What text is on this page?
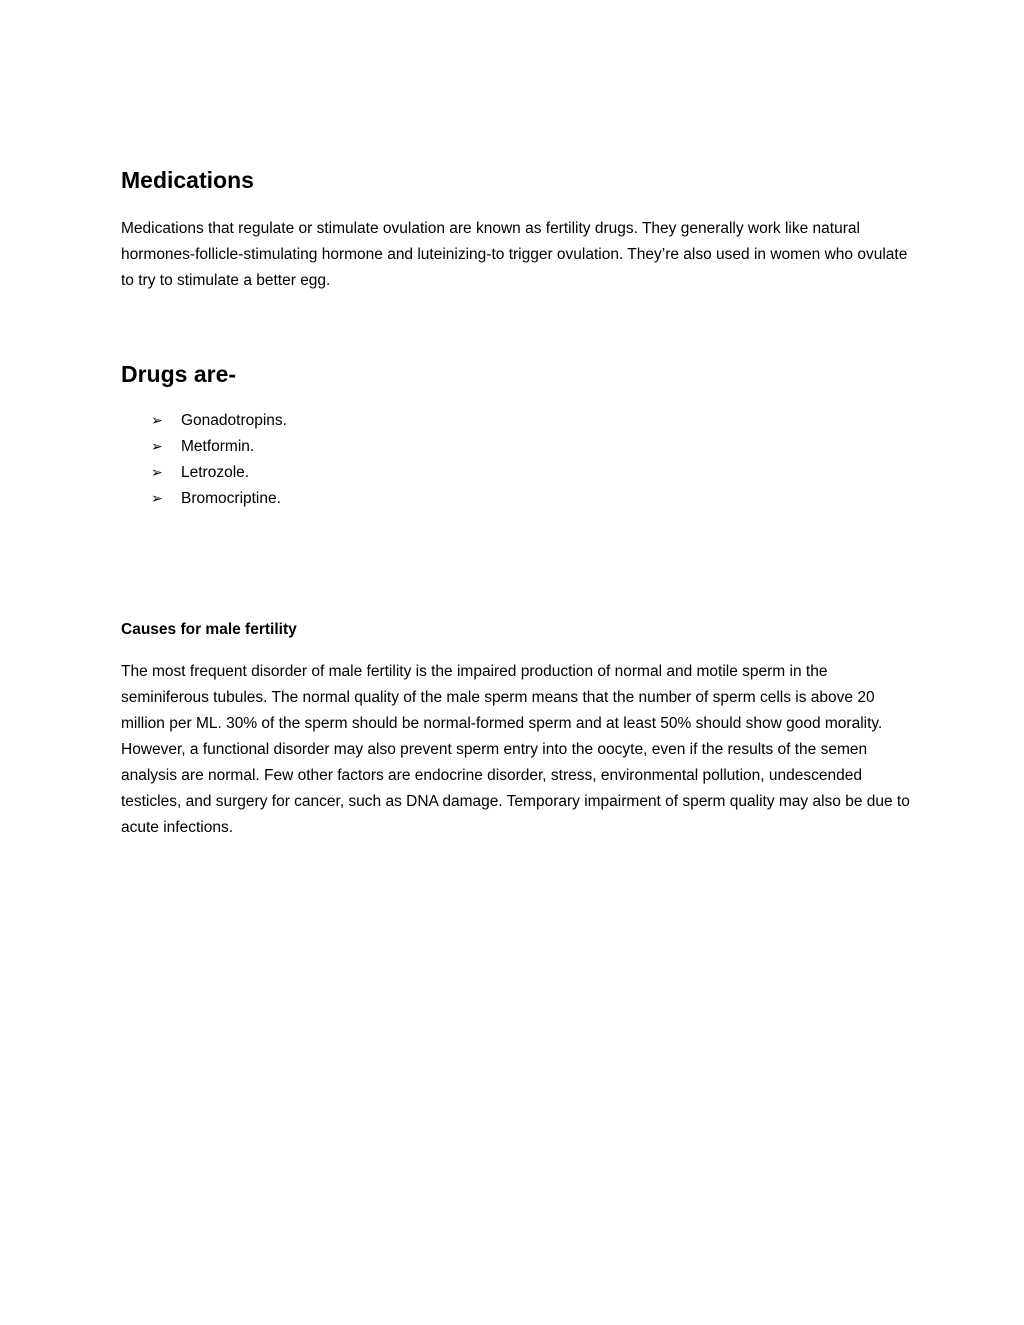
Medications

Medications that regulate or stimulate ovulation are known as fertility drugs. They generally work like natural hormones-follicle-stimulating hormone and luteinizing-to trigger ovulation. They’re also used in women who ovulate to try to stimulate a better egg.

Drugs are-
➢	Gonadotropins.
➢	Metformin.
➢	Letrozole.
➢	Bromocriptine.
Causes for male fertility

The most frequent disorder of male fertility is the impaired production of normal and motile sperm in the seminiferous tubules. The normal quality of the male sperm means that the number of sperm cells is above 20 million per ML. 30% of the sperm should be normal-formed sperm and at least 50% should show good morality. However, a functional disorder may also prevent sperm entry into the oocyte, even if the results of the semen analysis are normal. Few other factors are endocrine disorder, stress, environmental pollution, undescended testicles, and surgery for cancer, such as DNA damage. Temporary impairment of sperm quality may also be due to acute infections.
